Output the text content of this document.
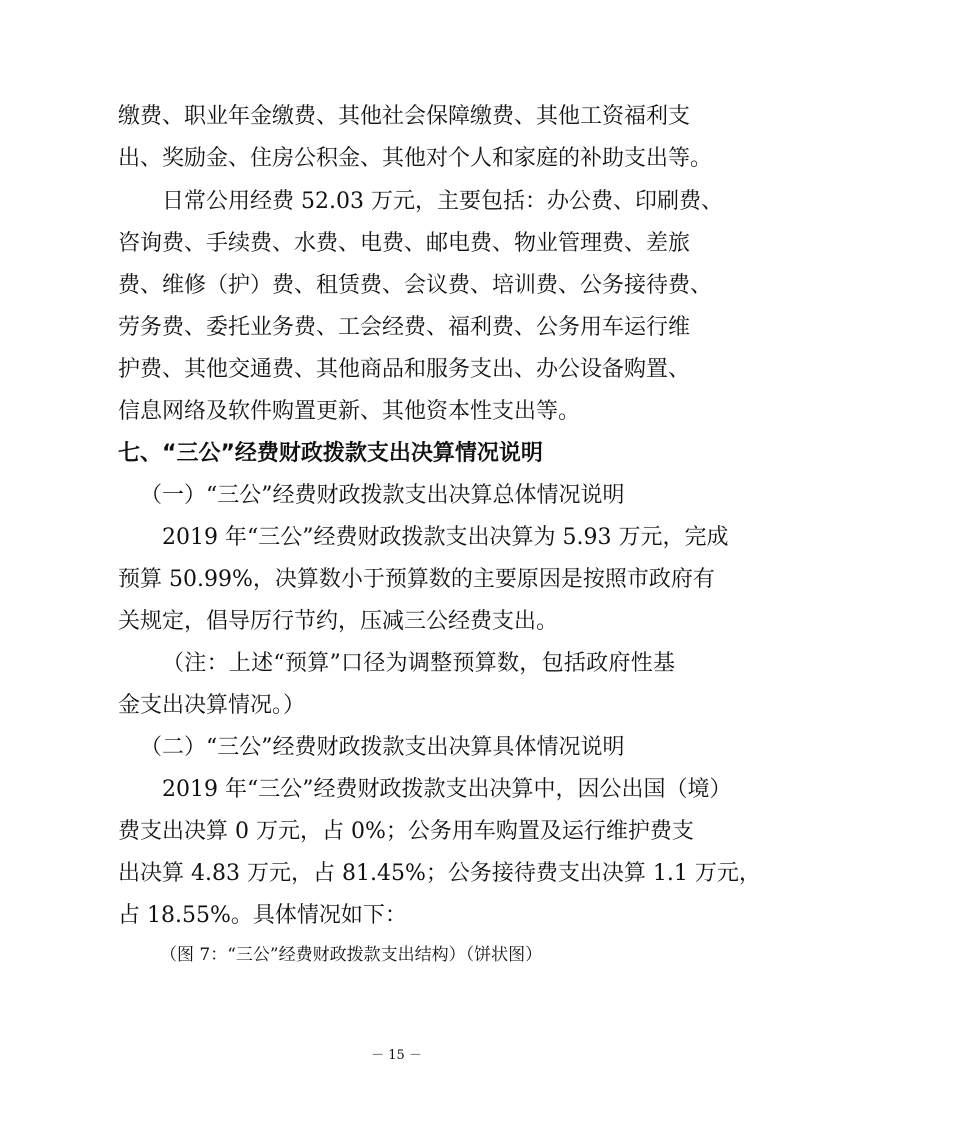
缴费、职业年金缴费、其他社会保障缴费、其他工资福利支
出、奖励金、住房公积金、其他对个人和家庭的补助支出等。
日常公用经费 52.03 万元，主要包括：办公费、印刷费、
咨询费、手续费、水费、电费、邮电费、物业管理费、差旅
费、维修（护）费、租赁费、会议费、培训费、公务接待费、
劳务费、委托业务费、工会经费、福利费、公务用车运行维
护费、其他交通费、其他商品和服务支出、办公设备购置、
信息网络及软件购置更新、其他资本性支出等。
七、“三公”经费财政拨款支出决算情况说明
（一）“三公”经费财政拨款支出决算总体情况说明
2019 年“三公”经费财政拨款支出决算为 5.93 万元，完成
预算 50.99%，决算数小于预算数的主要原因是按照市政府有
关规定，倡导厉行节约，压减三公经费支出。
（注：上述“预算”口径为调整预算数，包括政府性基
金支出决算情况。）
（二）“三公”经费财政拨款支出决算具体情况说明
2019 年“三公”经费财政拨款支出决算中，因公出国（境）
费支出决算 0 万元，占 0%；公务用车购置及运行维护费支
出决算 4.83 万元，占 81.45%；公务接待费支出决算 1.1 万元，
占 18.55%。具体情况如下：
（图 7：“三公”经费财政拨款支出结构）（饼状图）
－ 15 －
